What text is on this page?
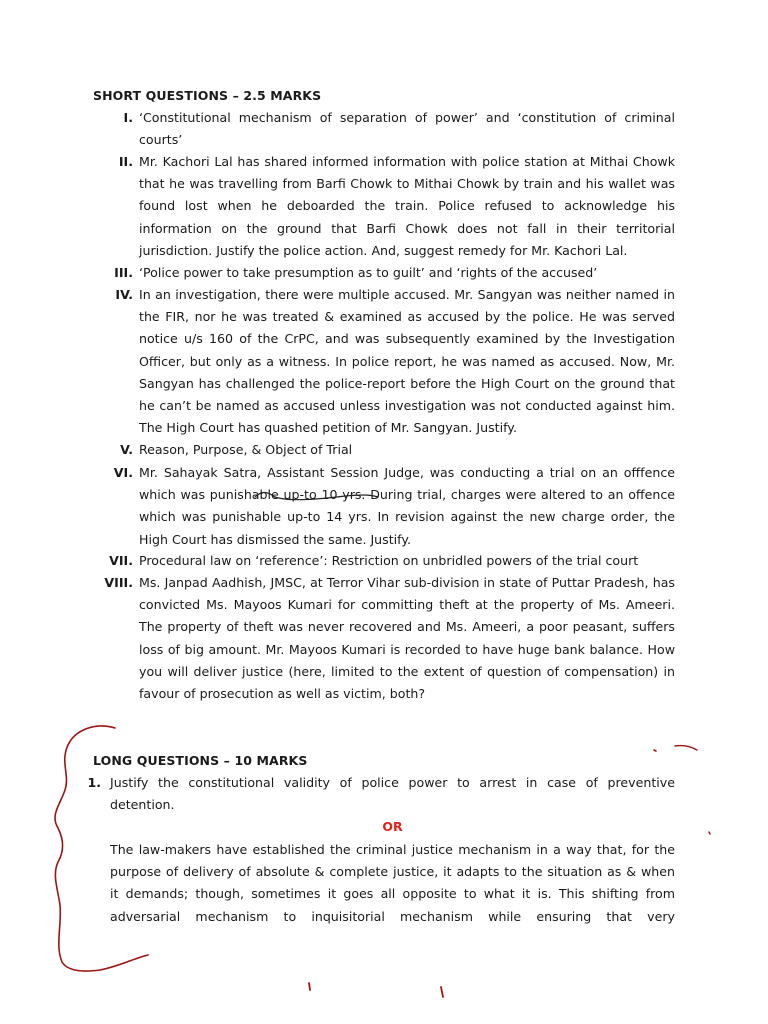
SHORT QUESTIONS – 2.5 MARKS
I. ‘Constitutional mechanism of separation of power’ and ‘constitution of criminal courts’
II. Mr. Kachori Lal has shared informed information with police station at Mithai Chowk that he was travelling from Barfi Chowk to Mithai Chowk by train and his wallet was found lost when he deboarded the train. Police refused to acknowledge his information on the ground that Barfi Chowk does not fall in their territorial jurisdiction. Justify the police action. And, suggest remedy for Mr. Kachori Lal.
III. ‘Police power to take presumption as to guilt’ and ‘rights of the accused’
IV. In an investigation, there were multiple accused. Mr. Sangyan was neither named in the FIR, nor he was treated & examined as accused by the police. He was served notice u/s 160 of the CrPC, and was subsequently examined by the Investigation Officer, but only as a witness. In police report, he was named as accused. Now, Mr. Sangyan has challenged the police-report before the High Court on the ground that he can’t be named as accused unless investigation was not conducted against him. The High Court has quashed petition of Mr. Sangyan. Justify.
V. Reason, Purpose, & Object of Trial
VI. Mr. Sahayak Satra, Assistant Session Judge, was conducting a trial on an offfence which was punishable up-to 10 yrs. During trial, charges were altered to an offence which was punishable up-to 14 yrs. In revision against the new charge order, the High Court has dismissed the same. Justify.
VII. Procedural law on ‘reference’: Restriction on unbridled powers of the trial court
VIII. Ms. Janpad Aadhish, JMSC, at Terror Vihar sub-division in state of Puttar Pradesh, has convicted Ms. Mayoos Kumari for committing theft at the property of Ms. Ameeri. The property of theft was never recovered and Ms. Ameeri, a poor peasant, suffers loss of big amount. Mr. Mayoos Kumari is recorded to have huge bank balance. How you will deliver justice (here, limited to the extent of question of compensation) in favour of prosecution as well as victim, both?
LONG QUESTIONS – 10 MARKS
1. Justify the constitutional validity of police power to arrest in case of preventive detention.
OR
The law-makers have established the criminal justice mechanism in a way that, for the
purpose of delivery of absolute & complete justice, it adapts to the situation as & when
it demands; though, sometimes it goes all opposite to what it is. This shifting from
adversarial mechanism to inquisitorial mechanism while ensuring that very
